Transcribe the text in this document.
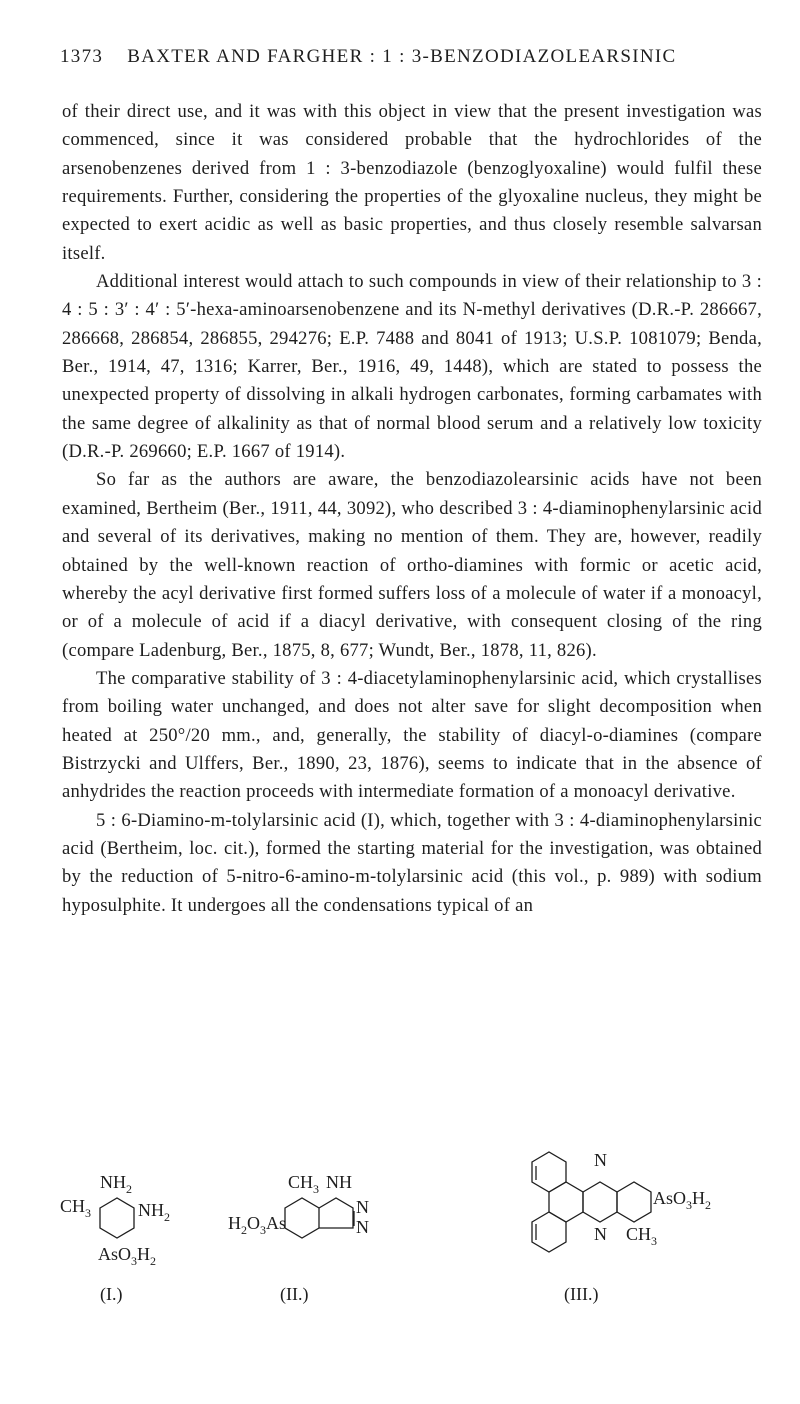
1373 BAXTER AND FARGHER : 1 : 3-BENZODIAZOLEARSINIC

of their direct use, and it was with this object in view that the present investigation was commenced, since it was considered probable that the hydrochlorides of the arsenobenzenes derived from 1 : 3-benzodiazole (benzoglyoxaline) would fulfil these requirements. Further, considering the properties of the glyoxaline nucleus, they might be expected to exert acidic as well as basic properties, and thus closely resemble salvarsan itself.

Additional interest would attach to such compounds in view of their relationship to 3 : 4 : 5 : 3′ : 4′ : 5′-hexa-aminoarsenobenzene and its N-methyl derivatives (D.R.-P. 286667, 286668, 286854, 286855, 294276; E.P. 7488 and 8041 of 1913; U.S.P. 1081079; Benda, Ber., 1914, 47, 1316; Karrer, Ber., 1916, 49, 1448), which are stated to possess the unexpected property of dissolving in alkali hydrogen carbonates, forming carbamates with the same degree of alkalinity as that of normal blood serum and a relatively low toxicity (D.R.-P. 269660; E.P. 1667 of 1914).

So far as the authors are aware, the benzodiazolearsinic acids have not been examined, Bertheim (Ber., 1911, 44, 3092), who described 3 : 4-diaminophenylarsinic acid and several of its derivatives, making no mention of them. They are, however, readily obtained by the well-known reaction of ortho-diamines with formic or acetic acid, whereby the acyl derivative first formed suffers loss of a molecule of water if a monoacyl, or of a molecule of acid if a diacyl derivative, with consequent closing of the ring (compare Ladenburg, Ber., 1875, 8, 677; Wundt, Ber., 1878, 11, 826).

The comparative stability of 3 : 4-diacetylaminophenylarsinic acid, which crystallises from boiling water unchanged, and does not alter save for slight decomposition when heated at 250°/20 mm., and, generally, the stability of diacyl-o-diamines (compare Bistrzycki and Ulffers, Ber., 1890, 23, 1876), seems to indicate that in the absence of anhydrides the reaction proceeds with intermediate formation of a monoacyl derivative.

5 : 6-Diamino-m-tolylarsinic acid (I), which, together with 3 : 4-diaminophenylarsinic acid (Bertheim, loc. cit.), formed the starting material for the investigation, was obtained by the reduction of 5-nitro-6-amino-m-tolylarsinic acid (this vol., p. 989) with sodium hyposulphite. It undergoes all the condensations typical of an

$NH_2$
$CH_3$	$NH_2$
$AsO_3H_2$
(I.)
$CH_3$ NH
N
N
$H_2O_3As$
(II.)
N
$AsO_3H_2$
N $CH_3$
(III.)
